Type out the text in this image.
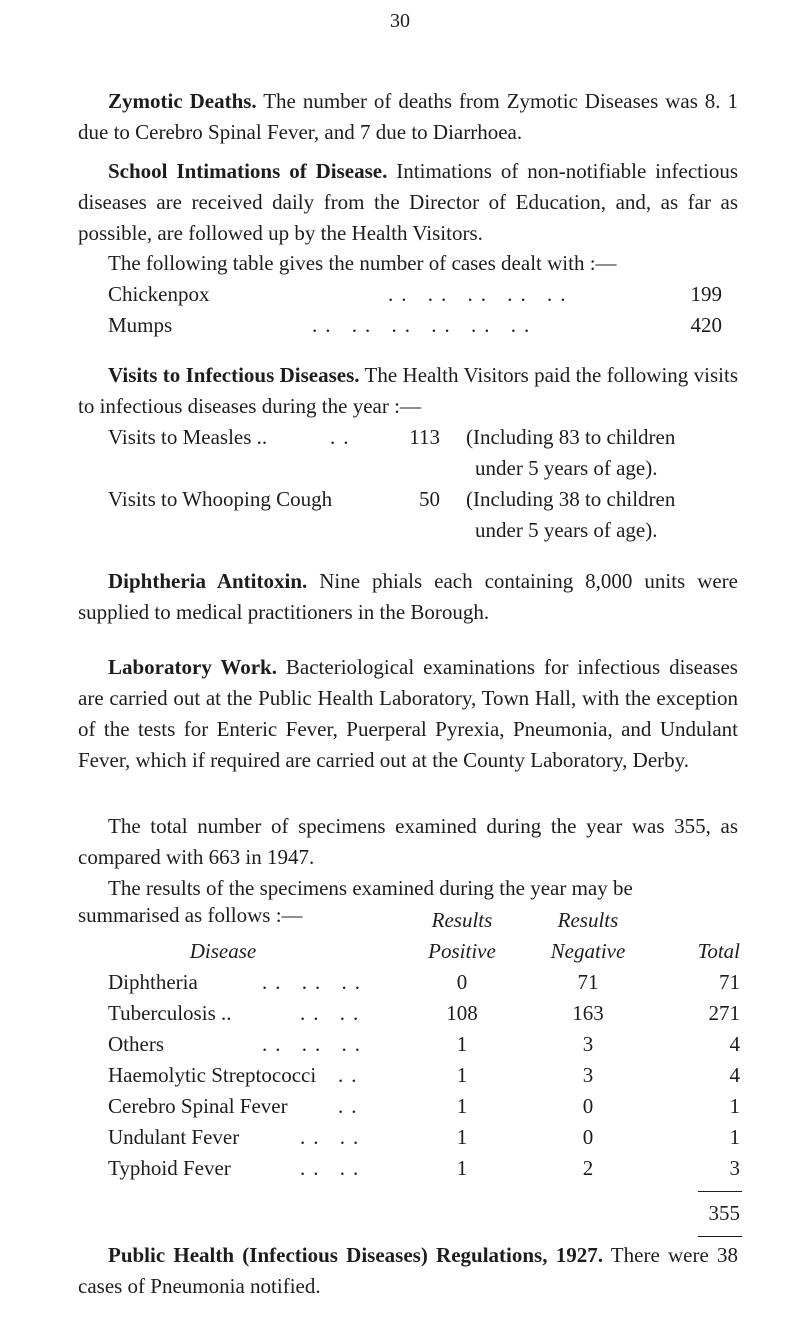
30
Zymotic Deaths. The number of deaths from Zymotic Diseases was 8. 1 due to Cerebro Spinal Fever, and 7 due to Diarrhoea.
School Intimations of Disease. Intimations of non-notifiable infectious diseases are received daily from the Director of Education, and, as far as possible, are followed up by the Health Visitors.
The following table gives the number of cases dealt with :—
Chickenpox	.. .. .. .. ..	199
Mumps	.. .. .. .. .. ..	420
Visits to Infectious Diseases. The Health Visitors paid the following visits to infectious diseases during the year :—
Visits to Measles ..	..	113 (Including 83 to children
under 5 years of age).
Visits to Whooping Cough	50 (Including 38 to children
under 5 years of age).
Diphtheria Antitoxin. Nine phials each containing 8,000 units were supplied to medical practitioners in the Borough.
Laboratory Work. Bacteriological examinations for infectious diseases are carried out at the Public Health Laboratory, Town Hall, with the exception of the tests for Enteric Fever, Puerperal Pyrexia, Pneumonia, and Undulant Fever, which if required are carried out at the County Laboratory, Derby.
The total number of specimens examined during the year was 355, as compared with 663 in 1947.
The results of the specimens examined during the year may be
summarised as follows :—	Results	Results
Disease	Positive	Negative	Total
Diphtheria	.. .. ..	0	71	71
Tuberculosis ..	.. ..	108	163	271
Others	.. .. ..	1	3	4
Haemolytic Streptococci ..	1	3	4
Cerebro Spinal Fever ..	1	0	1
Undulant Fever	.. ..	1	0	1
Typhoid Fever	.. ..	1	2	3
355
Public Health (Infectious Diseases) Regulations, 1927. There were 38 cases of Pneumonia notified.
